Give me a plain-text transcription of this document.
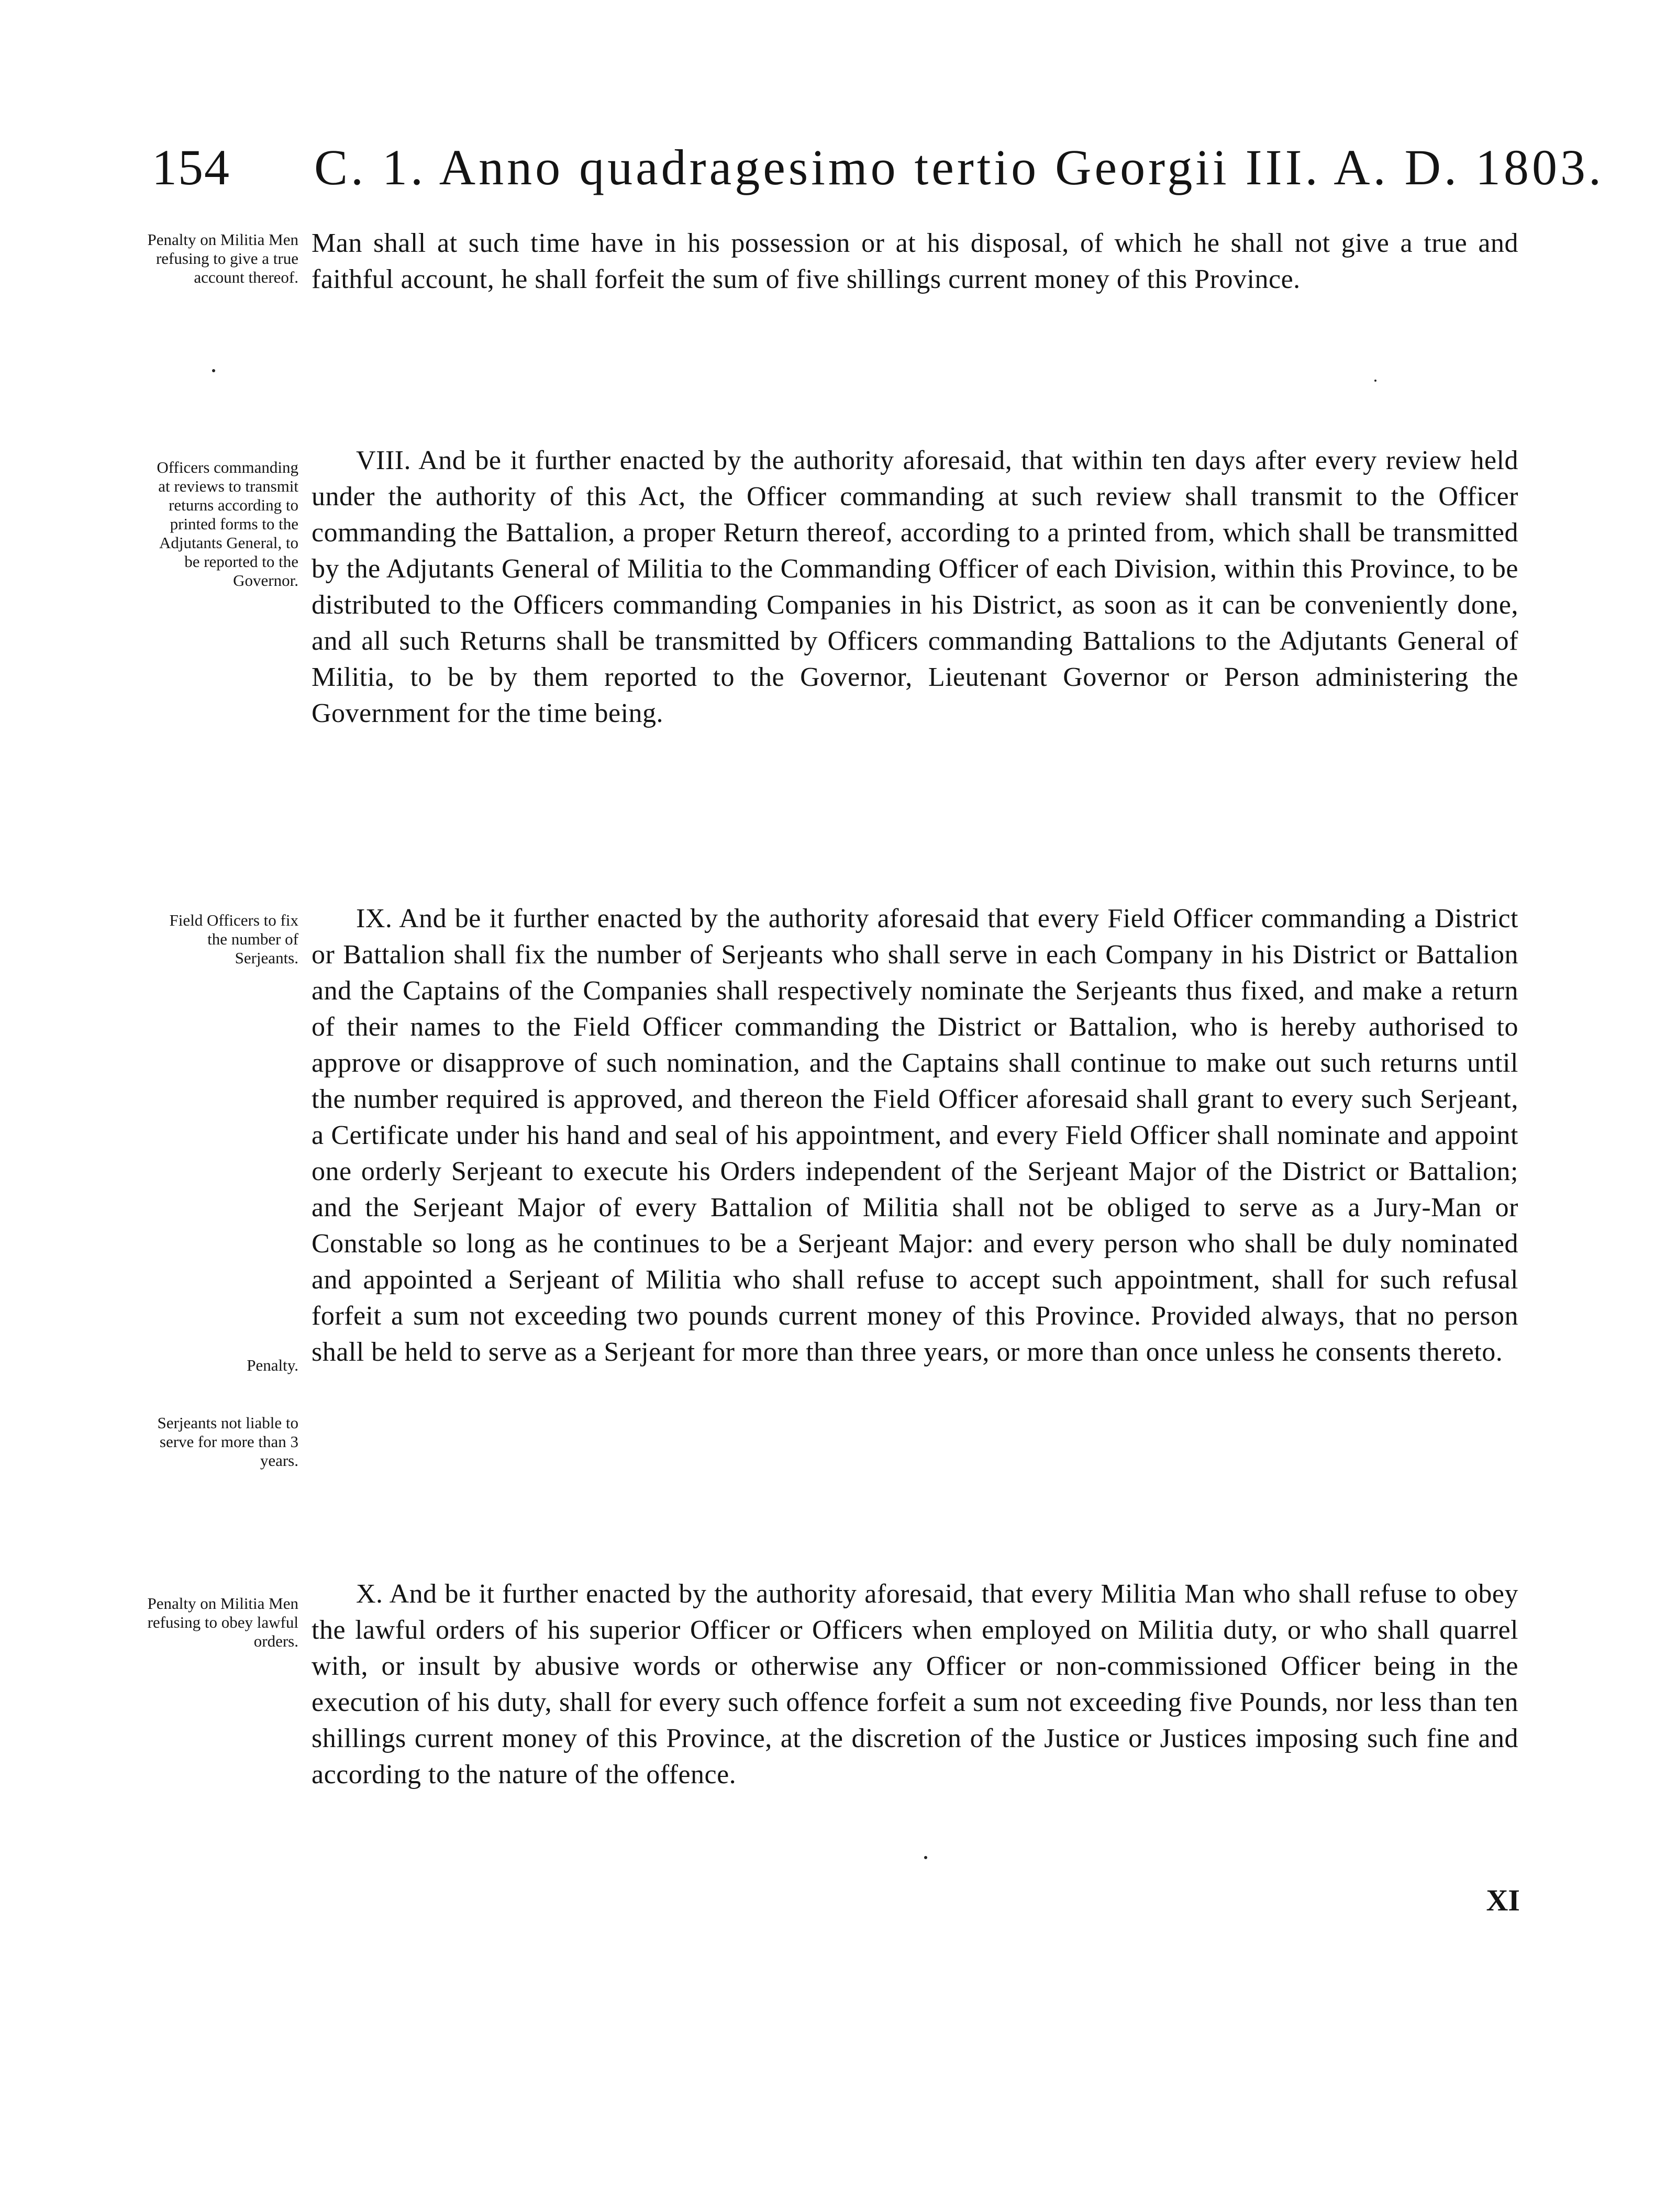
154 C. 1. Anno quadragesimo tertio Georgii III. A. D. 1803.
Penalty on Militia Men refusing to give a true account thereof.
Officers commanding at reviews to transmit returns according to printed forms to the Adjutants General, to be reported to the Governor.
Field Officers to fix the number of Serjeants.
Penalty.
Serjeants not liable to serve for more than 3 years.
Penalty on Militia Men refusing to obey lawful orders.

Man shall at such time have in his possession or at his disposal, of which he shall not give a true and faithful account, he shall forfeit the sum of five shillings current money of this Province.

VIII. And be it further enacted by the authority aforesaid, that within ten days after every review held under the authority of this Act, the Officer commanding at such review shall transmit to the Officer commanding the Battalion, a proper Return thereof, according to a printed from, which shall be transmitted by the Adjutants General of Militia to the Commanding Officer of each Division, within this Province, to be distributed to the Officers commanding Companies in his District, as soon as it can be conveniently done, and all such Returns shall be transmitted by Officers commanding Battalions to the Adjutants General of Militia, to be by them reported to the Governor, Lieutenant Governor or Person administering the Government for the time being.

IX. And be it further enacted by the authority aforesaid that every Field Officer commanding a District or Battalion shall fix the number of Serjeants who shall serve in each Company in his District or Battalion and the Captains of the Companies shall respectively nominate the Serjeants thus fixed, and make a return of their names to the Field Officer commanding the District or Battalion, who is hereby authorised to approve or disapprove of such nomination, and the Captains shall continue to make out such returns until the number required is approved, and thereon the Field Officer aforesaid shall grant to every such Serjeant, a Certificate under his hand and seal of his appointment, and every Field Officer shall nominate and appoint one orderly Serjeant to execute his Orders independent of the Serjeant Major of the District or Battalion; and the Serjeant Major of every Battalion of Militia shall not be obliged to serve as a Jury-Man or Constable so long as he continues to be a Serjeant Major: and every person who shall be duly nominated and appointed a Serjeant of Militia who shall refuse to accept such appointment, shall for such refusal forfeit a sum not exceeding two pounds current money of this Province. Provided always, that no person shall be held to serve as a Serjeant for more than three years, or more than once unless he consents thereto.

X. And be it further enacted by the authority aforesaid, that every Militia Man who shall refuse to obey the lawful orders of his superior Officer or Officers when employed on Militia duty, or who shall quarrel with, or insult by abusive words or otherwise any Officer or non-commissioned Officer being in the execution of his duty, shall for every such offence forfeit a sum not exceeding five Pounds, nor less than ten shillings current money of this Province, at the discretion of the Justice or Justices imposing such fine and according to the nature of the offence.

XI
